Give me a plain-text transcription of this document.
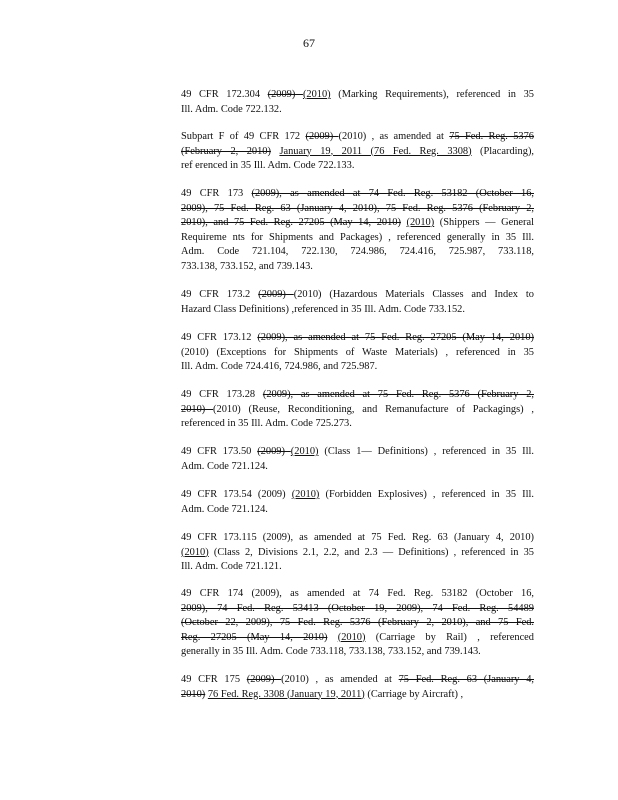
67
49 CFR 172.304 (2009) (2010) (Marking Requirements), referenced in 35
Ill. Adm. Code 722.132.
Subpart F of 49 CFR 172 (2009) (2010) , as amended at 75 Fed. Reg. 5376
(February 2, 2010) January 19, 2011 (76 Fed. Reg. 3308) (Placarding),
ref erenced in 35 Ill. Adm. Code 722.133.
49 CFR 173 (2009), as amended at 74 Fed. Reg. 53182 (October 16,
2009), 75 Fed. Reg. 63 (January 4, 2010), 75 Fed. Reg. 5376 (February 2,
2010), and 75 Fed. Reg. 27205 (May 14, 2010) (2010) (Shippers — General
Requireme nts for Shipments and Packages) , referenced generally in 35 Ill.
Adm. Code 721.104, 722.130, 724.986, 724.416, 725.987, 733.118,
733.138, 733.152, and 739.143.
49 CFR 173.2 (2009) (2010) (Hazardous Materials Classes and Index to
Hazard Class Definitions) ,referenced in 35 Ill. Adm. Code 733.152.
49 CFR 173.12 (2009), as amended at 75 Fed. Reg. 27205 (May 14, 2010)
(2010) (Exceptions for Shipments of Waste Materials) , referenced in 35
Ill. Adm. Code 724.416, 724.986, and 725.987.
49 CFR 173.28 (2009), as amended at 75 Fed. Reg. 5376 (February 2,
2010) (2010) (Reuse, Reconditioning, and Remanufacture of Packagings) ,
referenced in 35 Ill. Adm. Code 725.273.
49 CFR 173.50 (2009) (2010) (Class 1— Definitions) , referenced in 35 Ill.
Adm. Code 721.124.
49 CFR 173.54 (2009) (2010) (Forbidden Explosives) , referenced in 35 Ill.
Adm. Code 721.124.
49 CFR 173.115 (2009), as amended at 75 Fed. Reg. 63 (January 4, 2010)
(2010) (Class 2, Divisions 2.1, 2.2, and 2.3 — Definitions) , referenced in 35
Ill. Adm. Code 721.121.
49 CFR 174 (2009), as amended at 74 Fed. Reg. 53182 (October 16,
2009), 74 Fed. Reg. 53413 (October 19, 2009), 74 Fed. Reg. 54489
(October 22, 2009), 75 Fed. Reg. 5376 (February 2, 2010), and 75 Fed.
Reg. 27205 (May 14, 2010) (2010) (Carriage by Rail) , referenced
generally in 35 Ill. Adm. Code 733.118, 733.138, 733.152, and 739.143.
49 CFR 175 (2009) (2010) , as amended at 75 Fed. Reg. 63 (January 4,
2010) 76 Fed. Reg. 3308 (January 19, 2011) (Carriage by Aircraft) ,
